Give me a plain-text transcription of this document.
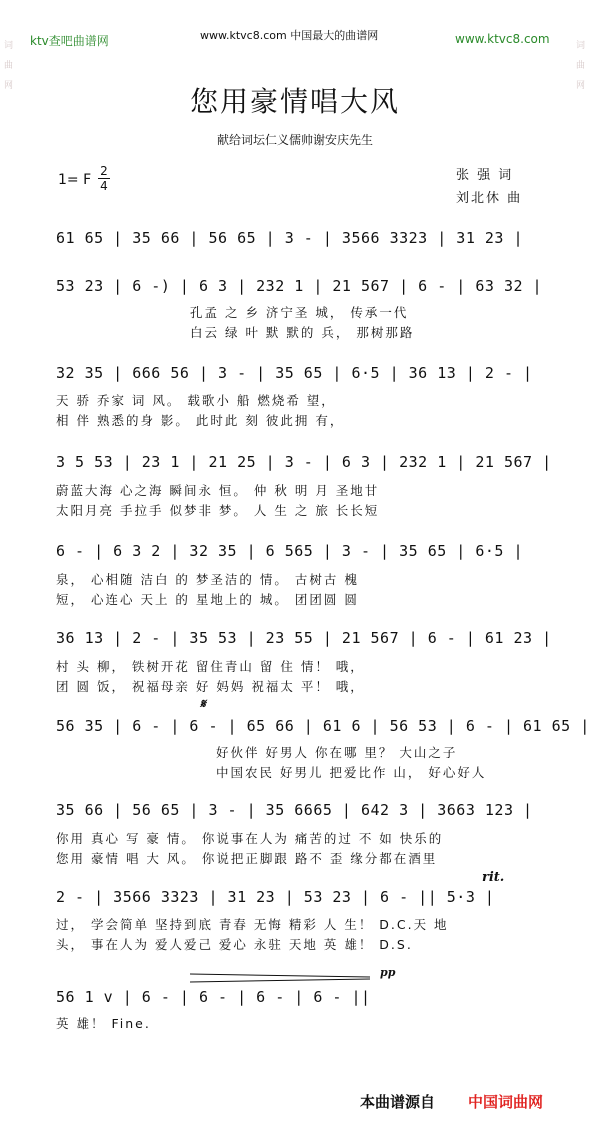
词
曲
网
词
曲
网
ktv查吧曲谱网	www.ktvc8.com 中国最大的曲谱网	www.ktvc8.com
您用豪情唱大风
献给词坛仁义儒帅谢安庆先生
1= F
2
4
张 强 词
刘北休 曲
61 65 | 35 66 | 56 65 | 3 - | 3566 3323 | 31 23 |
53 23 | 6 -) | 6 3 | 232 1 | 21 567 | 6 - | 63 32 |
孔孟 之 乡 济宁圣 城， 传承一代
白云 绿 叶 默 默的 兵， 那树那路
32 35 | 666 56 | 3 - | 35 65 | 6·5 | 36 13 | 2 - |
天 骄 乔家 词 风。 载歌小 船 燃烧希 望，
相 伴 熟悉的身 影。 此时此 刻 彼此拥 有，
3 5 53 | 23 1 | 21 25 | 3 - | 6 3 | 232 1 | 21 567 |
蔚蓝大海 心之海 瞬间永 恒。 仲 秋 明 月 圣地甘
太阳月亮 手拉手 似梦非 梦。 人 生 之 旅 长长短
6 - | 6 3 2 | 32 35 | 6 565 | 3 - | 35 65 | 6·5 |
泉， 心相随 洁白 的 梦圣洁的 情。 古树古 槐
短， 心连心 天上 的 星地上的 城。 团团圆 圆
36 13 | 2 - | 35 53 | 23 55 | 21 567 | 6 - | 61 23 |
村 头 柳， 铁树开花 留住青山 留 住 情！ 哦，
团 圆 饭， 祝福母亲 好 妈妈 祝福太 平！ 哦，
𝄋
56 35 | 6 - | 6 - | 65 66 | 61 6 | 56 53 | 6 - | 61 65 |
好伙伴 好男人 你在哪 里？ 大山之子
中国农民 好男儿 把爱比作 山， 好心好人
35 66 | 56 65 | 3 - | 35 6665 | 642 3 | 3663 123 |
你用 真心 写 豪 情。 你说事在人为 痛苦的过 不 如 快乐的
您用 豪情 唱 大 风。 你说把正脚跟 路不 歪 缘分都在酒里
rit.
2 - | 3566 3323 | 31 23 | 53 23 | 6 - || 5·3 |
过， 学会简单 坚持到底 青春 无悔 精彩 人 生！ D.C.天 地
头， 事在人为 爱人爱己 爱心 永驻 天地 英 雄！ D.S.
pp
56 1 v | 6 - | 6 - | 6 - | 6 - ||
英 雄！ Fine.
本曲谱源自 中国词曲网
